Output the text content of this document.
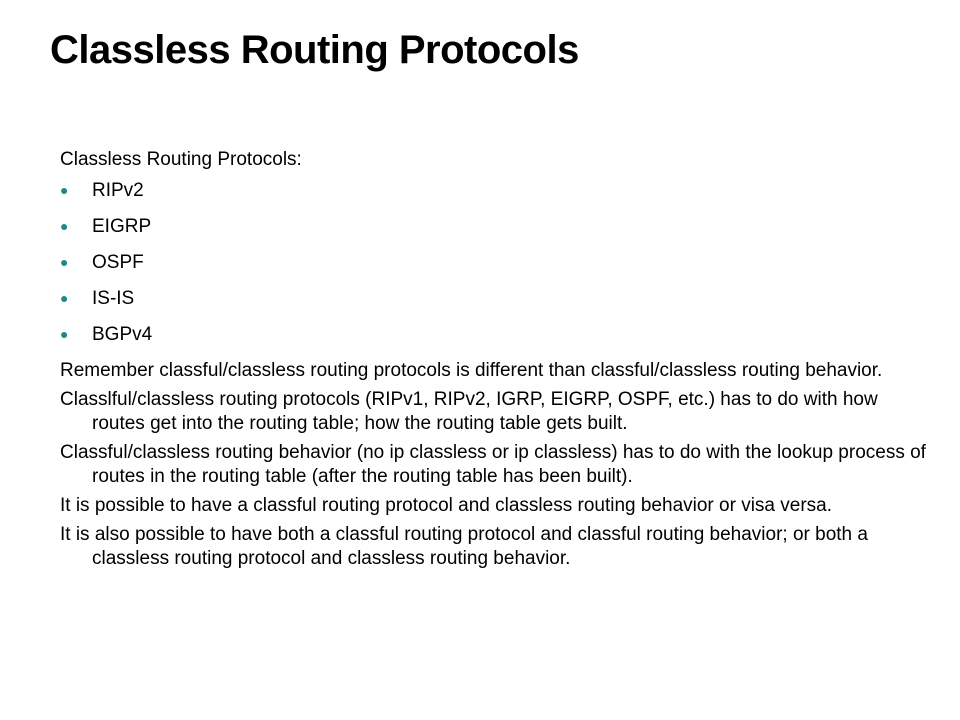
Classless Routing Protocols

Classless Routing Protocols:

● RIPv2
● EIGRP
● OSPF
● IS-IS
● BGPv4

Remember classful/classless routing protocols is different than classful/classless routing behavior.

Classlful/classless routing protocols (RIPv1, RIPv2, IGRP, EIGRP, OSPF, etc.) has to do with how routes get into the routing table; how the routing table gets built.

Classful/classless routing behavior (no ip classless or ip classless) has to do with the lookup process of routes in the routing table (after the routing table has been built).

It is possible to have a classful routing protocol and classless routing behavior or visa versa.

It is also possible to have both a classful routing protocol and classful routing behavior; or both a classless routing protocol and classless routing behavior.
